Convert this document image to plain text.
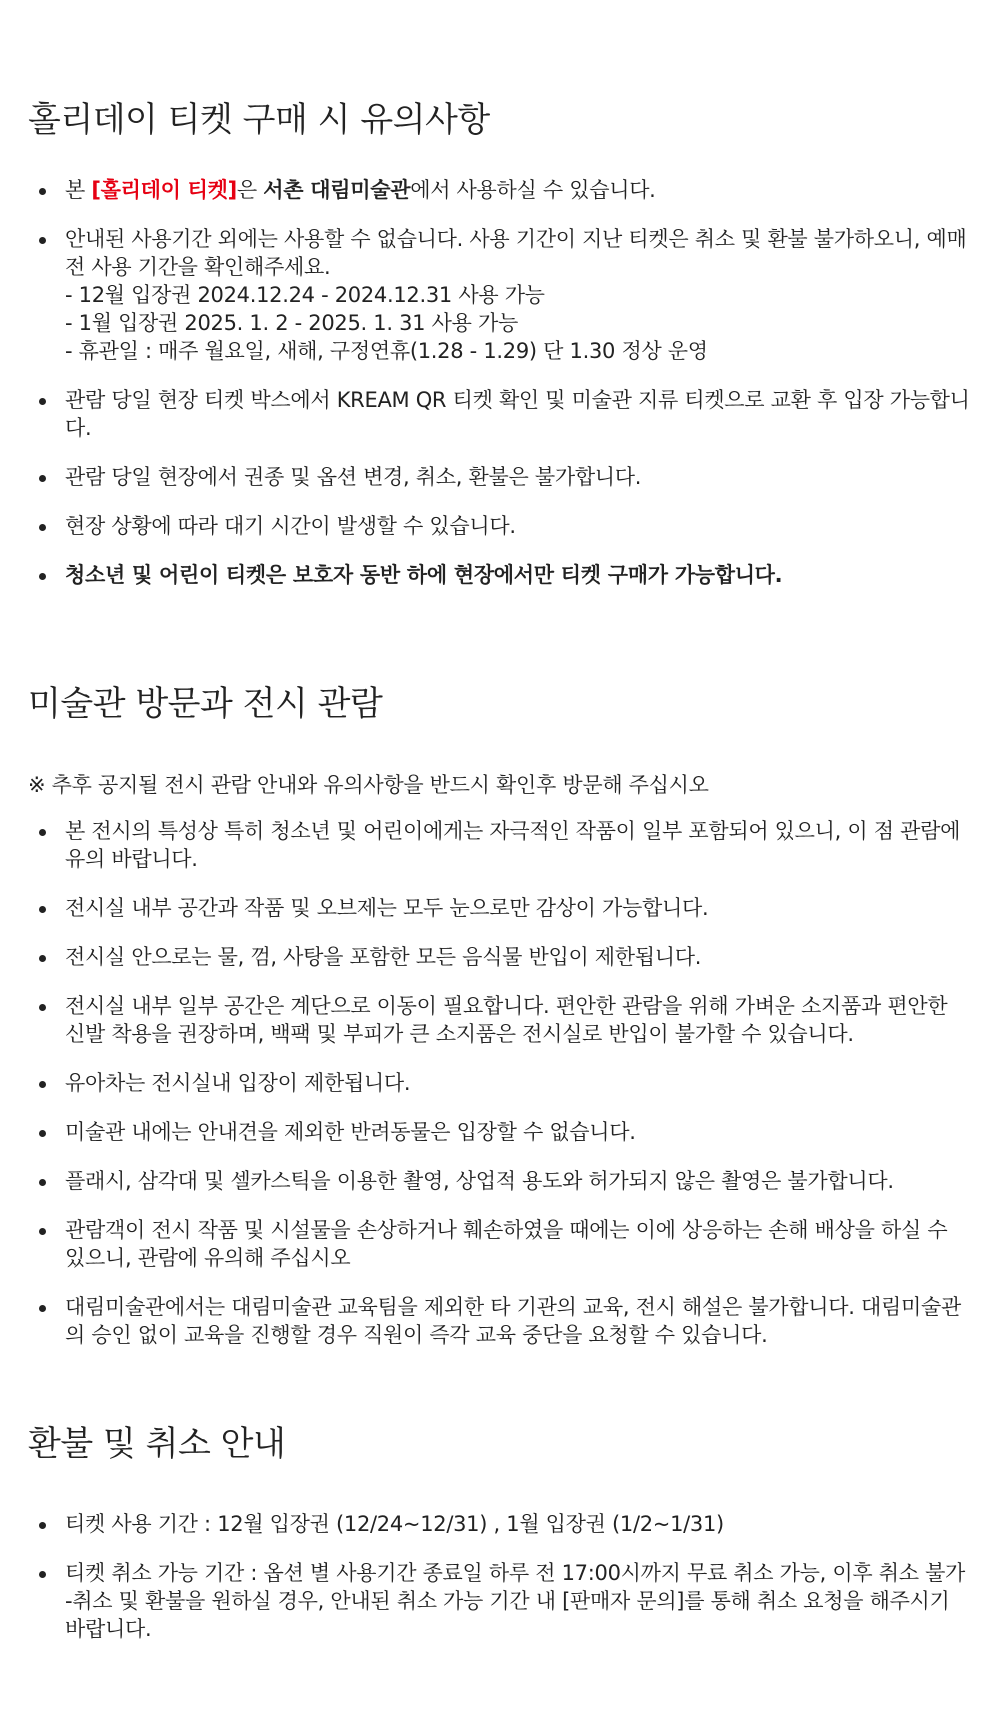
홀리데이 티켓 구매 시 유의사항
본 [홀리데이 티켓]은 서촌 대림미술관에서 사용하실 수 있습니다.
안내된 사용기간 외에는 사용할 수 없습니다. 사용 기간이 지난 티켓은 취소 및 환불 불가하오니, 예매
전 사용 기간을 확인해주세요.
- 12월 입장권 2024.12.24 - 2024.12.31 사용 가능
- 1월 입장권 2025. 1. 2 - 2025. 1. 31 사용 가능
- 휴관일 : 매주 월요일, 새해, 구정연휴(1.28 - 1.29) 단 1.30 정상 운영
관람 당일 현장 티켓 박스에서 KREAM QR 티켓 확인 및 미술관 지류 티켓으로 교환 후 입장 가능합니
다.
관람 당일 현장에서 권종 및 옵션 변경, 취소, 환불은 불가합니다.
현장 상황에 따라 대기 시간이 발생할 수 있습니다.
청소년 및 어린이 티켓은 보호자 동반 하에 현장에서만 티켓 구매가 가능합니다.
미술관 방문과 전시 관람

※ 추후 공지될 전시 관람 안내와 유의사항을 반드시 확인후 방문해 주십시오

본 전시의 특성상 특히 청소년 및 어린이에게는 자극적인 작품이 일부 포함되어 있으니, 이 점 관람에
유의 바랍니다.
전시실 내부 공간과 작품 및 오브제는 모두 눈으로만 감상이 가능합니다.
전시실 안으로는 물, 껌, 사탕을 포함한 모든 음식물 반입이 제한됩니다.
전시실 내부 일부 공간은 계단으로 이동이 필요합니다. 편안한 관람을 위해 가벼운 소지품과 편안한
신발 착용을 권장하며, 백팩 및 부피가 큰 소지품은 전시실로 반입이 불가할 수 있습니다.
유아차는 전시실내 입장이 제한됩니다.
미술관 내에는 안내견을 제외한 반려동물은 입장할 수 없습니다.
플래시, 삼각대 및 셀카스틱을 이용한 촬영, 상업적 용도와 허가되지 않은 촬영은 불가합니다.
관람객이 전시 작품 및 시설물을 손상하거나 훼손하였을 때에는 이에 상응하는 손해 배상을 하실 수
있으니, 관람에 유의해 주십시오
대림미술관에서는 대림미술관 교육팀을 제외한 타 기관의 교육, 전시 해설은 불가합니다. 대림미술관
의 승인 없이 교육을 진행할 경우 직원이 즉각 교육 중단을 요청할 수 있습니다.
환불 및 취소 안내
티켓 사용 기간 : 12월 입장권 (12/24~12/31) , 1월 입장권 (1/2~1/31)
티켓 취소 가능 기간 : 옵션 별 사용기간 종료일 하루 전 17:00시까지 무료 취소 가능, 이후 취소 불가
-취소 및 환불을 원하실 경우, 안내된 취소 가능 기간 내 [판매자 문의]를 통해 취소 요청을 해주시기
바랍니다.
